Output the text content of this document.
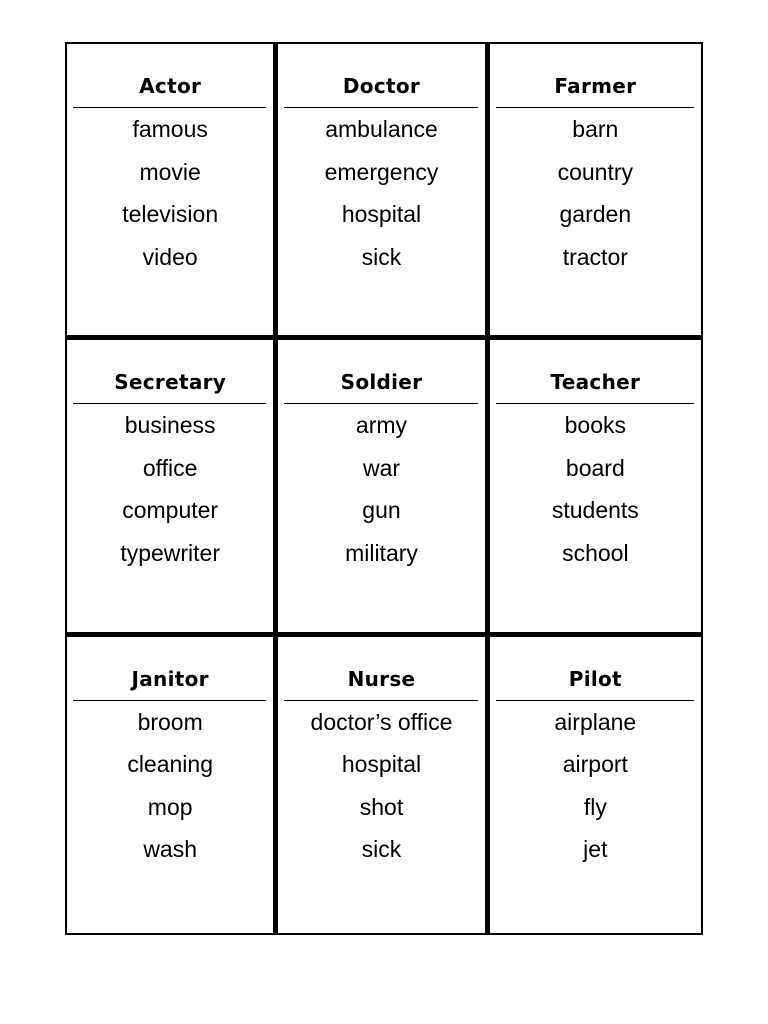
Actor
famous
movie
television
video
Doctor
ambulance
emergency
hospital
sick
Farmer
barn
country
garden
tractor
Secretary
business
office
computer
typewriter
Soldier
army
war
gun
military
Teacher
books
board
students
school
Janitor
broom
cleaning
mop
wash
Nurse
doctor’s office
hospital
shot
sick
Pilot
airplane
airport
fly
jet
